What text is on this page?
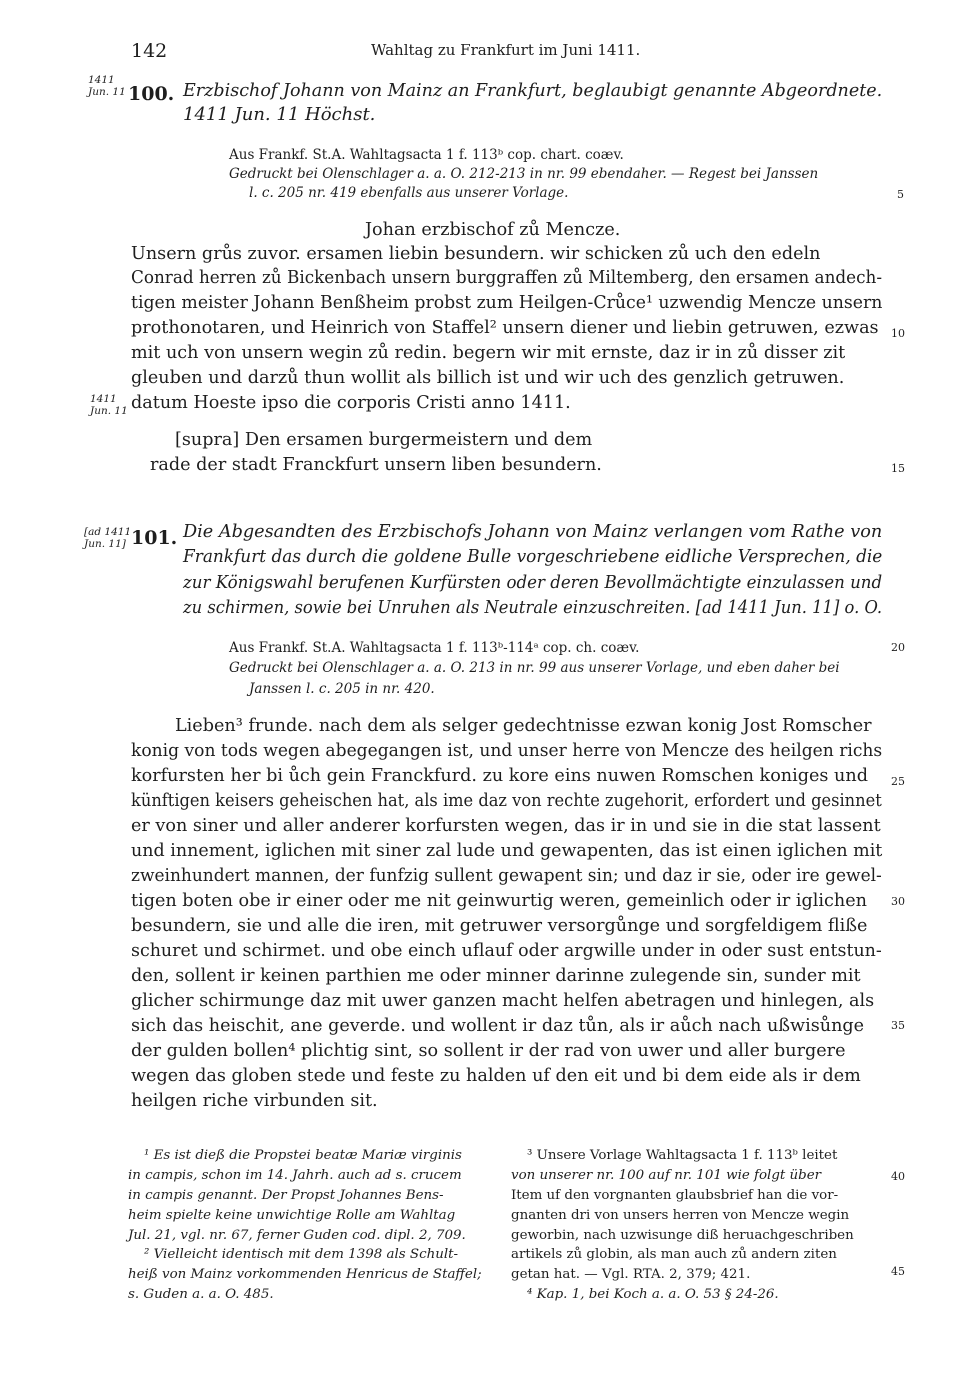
142	Wahltag zu Frankfurt im Juni 1411.
1411
Jun. 11 100. Erzbischof Johann von Mainz an Frankfurt, beglaubigt genannte Abgeordnete.
1411 Jun. 11 Höchst.
Aus Frankf. St.A. Wahltagsacta 1 f. 113ᵇ cop. chart. coæv.
Gedruckt bei Olenschlager a. a. O. 212-213 in nr. 99 ebendaher. — Regest bei Janssen
l. c. 205 nr. 419 ebenfalls aus unserer Vorlage.
Johan erzbischof zů Mencze.
Unsern grůs zuvor. ersamen liebin besundern. wir schicken zů uch den edeln
Conrad herren zů Bickenbach unsern burggraffen zů Miltemberg, den ersamen andech-
tigen meister Johann Benßheim probst zum Heilgen-Crůce¹ uzwendig Mencze unsern
prothonotaren, und Heinrich von Staffel² unsern diener und liebin getruwen, ezwas
mit uch von unsern wegin zů redin. begern wir mit ernste, daz ir in zů disser zit
gleuben und darzů thun wollit als billich ist und wir uch des genzlich getruwen.
datum Hoeste ipso die corporis Cristi anno 1411.
1411
Jun. 11
[supra] Den ersamen burgermeistern und dem
rade der stadt Franckfurt unsern liben besundern.
[ad 1411
Jun. 11] 101. Die Abgesandten des Erzbischofs Johann von Mainz verlangen vom Rathe von
Frankfurt das durch die goldene Bulle vorgeschriebene eidliche Versprechen, die
zur Königswahl berufenen Kurfürsten oder deren Bevollmächtigte einzulassen und
zu schirmen, sowie bei Unruhen als Neutrale einzuschreiten. [ad 1411 Jun. 11] o. O.
Aus Frankf. St.A. Wahltagsacta 1 f. 113ᵇ-114ᵃ cop. ch. coæv.
Gedruckt bei Olenschlager a. a. O. 213 in nr. 99 aus unserer Vorlage, und eben daher bei
Janssen l. c. 205 in nr. 420.
Lieben³ frunde. nach dem als selger gedechtnisse ezwan konig Jost Romscher
konig von tods wegen abegegangen ist, und unser herre von Mencze des heilgen richs
korfursten her bi ůch gein Franckfurd. zu kore eins nuwen Romschen koniges und
künftigen keisers geheischen hat, als ime daz von rechte zugehorit, erfordert und gesinnet
er von siner und aller anderer korfursten wegen, das ir in und sie in die stat lassent
und innement, iglichen mit siner zal lude und gewapenten, das ist einen iglichen mit
zweinhundert mannen, der funfzig sullent gewapent sin; und daz ir sie, oder ire gewel-
tigen boten obe ir einer oder me nit geinwurtig weren, gemeinlich oder ir iglichen
besundern, sie und alle die iren, mit getruwer versorgůnge und sorgfeldigem fliße
schuret und schirmet. und obe einch uflauf oder argwille under in oder sust entstun-
den, sollent ir keinen parthien me oder minner darinne zulegende sin, sunder mit
glicher schirmunge daz mit uwer ganzen macht helfen abetragen und hinlegen, als
sich das heischit, ane geverde. und wollent ir daz tůn, als ir aůch nach ußwisůnge
der gulden bollen⁴ plichtig sint, so sollent ir der rad von uwer und aller burgere
wegen das globen stede und feste zu halden uf den eit und bi dem eide als ir dem
heilgen riche virbunden sit.
5
10
15
20
25
30
35
40
45
¹ Es ist dieß die Propstei beatæ Mariæ virginis
in campis, schon im 14. Jahrh. auch ad s. crucem
in campis genannt. Der Propst Johannes Bens-
heim spielte keine unwichtige Rolle am Wahltag
Jul. 21, vgl. nr. 67, ferner Guden cod. dipl. 2, 709.
² Vielleicht identisch mit dem 1398 als Schult-
heiß von Mainz vorkommenden Henricus de Staffel;
s. Guden a. a. O. 485.
³ Unsere Vorlage Wahltagsacta 1 f. 113ᵇ leitet
von unserer nr. 100 auf nr. 101 wie folgt über
Item uf den vorgnanten glaubsbrief han die vor-
gnanten dri von unsers herren von Mencze wegin
geworbin, nach uzwisunge diß heruachgeschriben
artikels zů globin, als man auch zů andern ziten
getan hat. — Vgl. RTA. 2, 379; 421.
⁴ Kap. 1, bei Koch a. a. O. 53 § 24-26.
